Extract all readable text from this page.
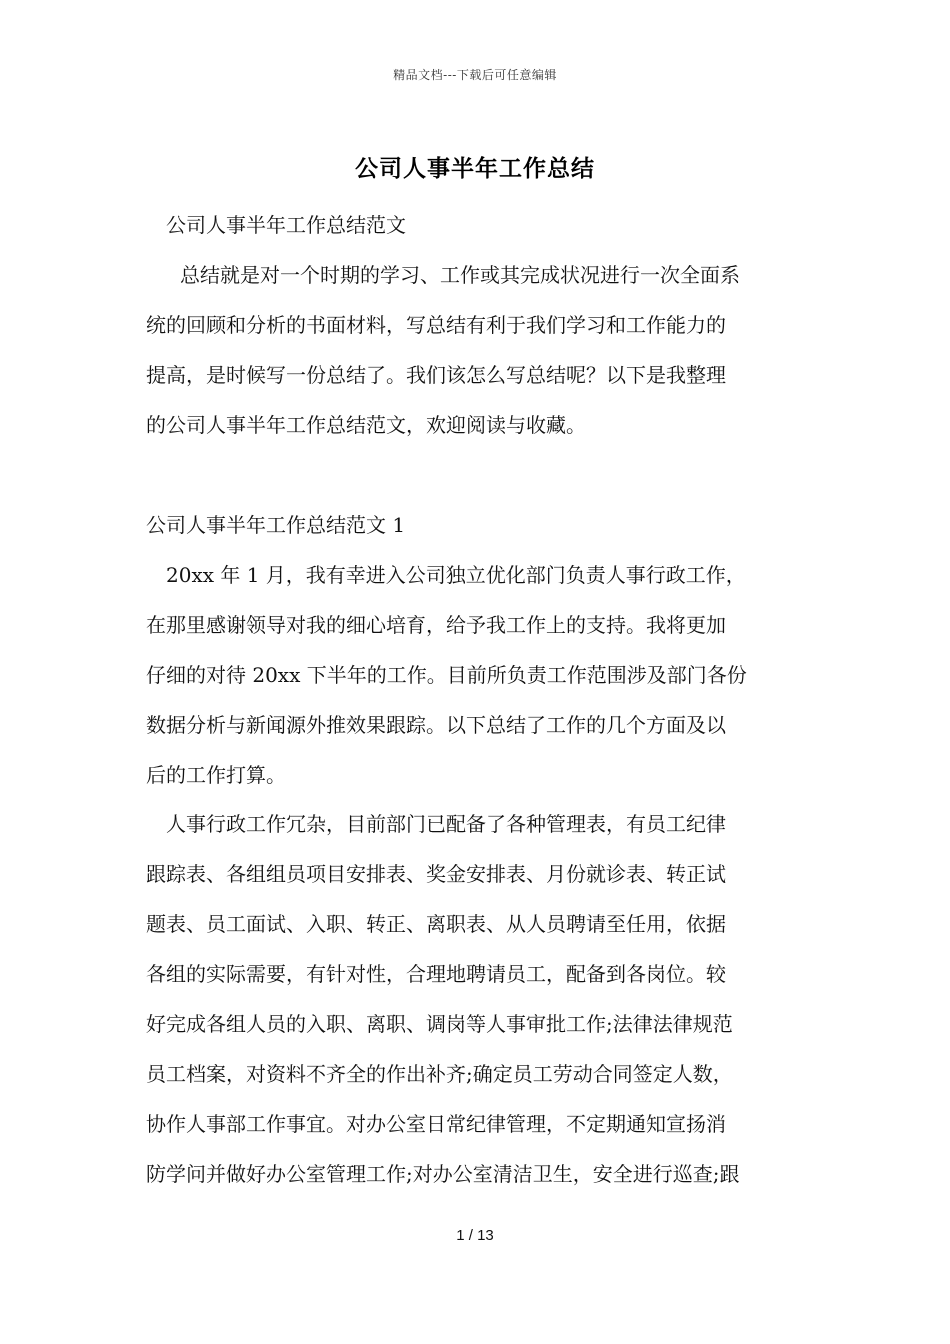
精品文档---下载后可任意编辑
公司人事半年工作总结
公司人事半年工作总结范文
总结就是对一个时期的学习、工作或其完成状况进行一次全面系
统的回顾和分析的书面材料，写总结有利于我们学习和工作能力的
提高，是时候写一份总结了。我们该怎么写总结呢？以下是我整理
的公司人事半年工作总结范文，欢迎阅读与收藏。
公司人事半年工作总结范文 1
20xx 年 1 月，我有幸进入公司独立优化部门负责人事行政工作，
在那里感谢领导对我的细心培育，给予我工作上的支持。我将更加
仔细的对待 20xx 下半年的工作。目前所负责工作范围涉及部门各份
数据分析与新闻源外推效果跟踪。以下总结了工作的几个方面及以
后的工作打算。
人事行政工作冗杂，目前部门已配备了各种管理表，有员工纪律
跟踪表、各组组员项目安排表、奖金安排表、月份就诊表、转正试
题表、员工面试、入职、转正、离职表、从人员聘请至任用，依据
各组的实际需要，有针对性，合理地聘请员工，配备到各岗位。较
好完成各组人员的入职、离职、调岗等人事审批工作;法律法律规范
员工档案，对资料不齐全的作出补齐;确定员工劳动合同签定人数，
协作人事部工作事宜。对办公室日常纪律管理，不定期通知宣扬消
防学问并做好办公室管理工作;对办公室清洁卫生，安全进行巡查;跟
1 / 13
